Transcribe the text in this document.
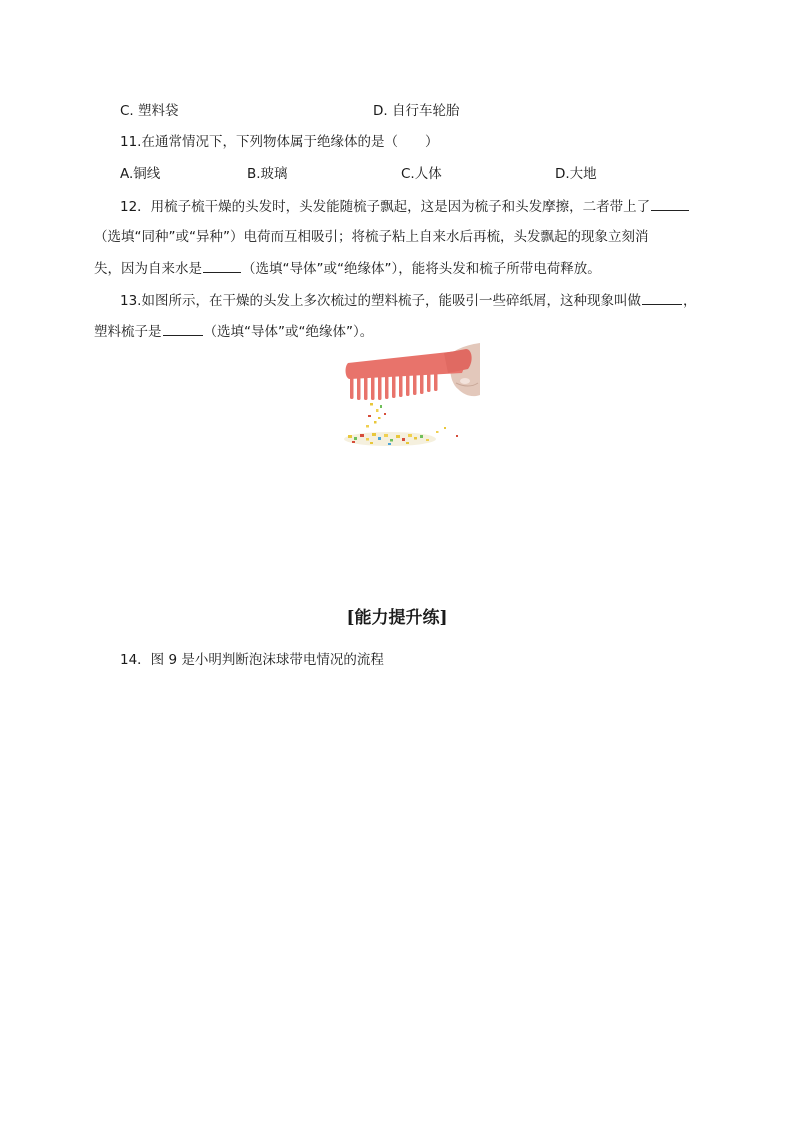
C. 塑料袋	D. 自行车轮胎
11.在通常情况下，下列物体属于绝缘体的是（　　）
A.铜线	B.玻璃	C.人体	D.大地
12．用梳子梳干燥的头发时，头发能随梳子飘起，这是因为梳子和头发摩擦，二者带上了
（选填“同种”或“异种”）电荷而互相吸引；将梳子粘上自来水后再梳，头发飘起的现象立刻消
失，因为自来水是	（选填“导体”或“绝缘体”），能将头发和梳子所带电荷释放。
13.如图所示，在干燥的头发上多次梳过的塑料梳子，能吸引一些碎纸屑，这种现象叫做	，
塑料梳子是	（选填“导体”或“绝缘体”）。
[能力提升练]
14．图 9 是小明判断泡沫球带电情况的流程
